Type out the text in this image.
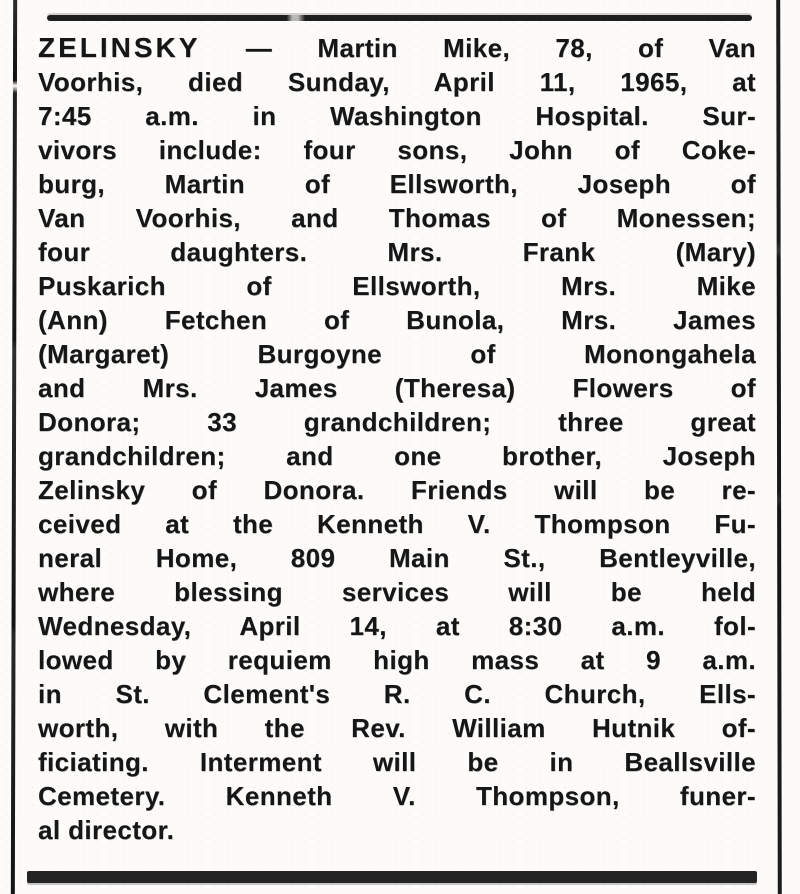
ZELINSKY — Martin Mike, 78, of Van
Voorhis, died Sunday, April 11, 1965, at
7:45 a.m. in Washington Hospital. Sur-
vivors include: four sons, John of Coke-
burg, Martin of Ellsworth, Joseph of
Van Voorhis, and Thomas of Monessen;
four daughters. Mrs. Frank (Mary)
Puskarich of Ellsworth, Mrs. Mike
(Ann) Fetchen of Bunola, Mrs. James
(Margaret) Burgoyne of Monongahela
and Mrs. James (Theresa) Flowers of
Donora; 33 grandchildren; three great
grandchildren; and one brother, Joseph
Zelinsky of Donora. Friends will be re-
ceived at the Kenneth V. Thompson Fu-
neral Home, 809 Main St., Bentleyville,
where blessing services will be held
Wednesday, April 14, at 8:30 a.m. fol-
lowed by requiem high mass at 9 a.m.
in St. Clement's R. C. Church, Ells-
worth, with the Rev. William Hutnik of-
ficiating. Interment will be in Beallsville
Cemetery. Kenneth V. Thompson, funer-
al director.
